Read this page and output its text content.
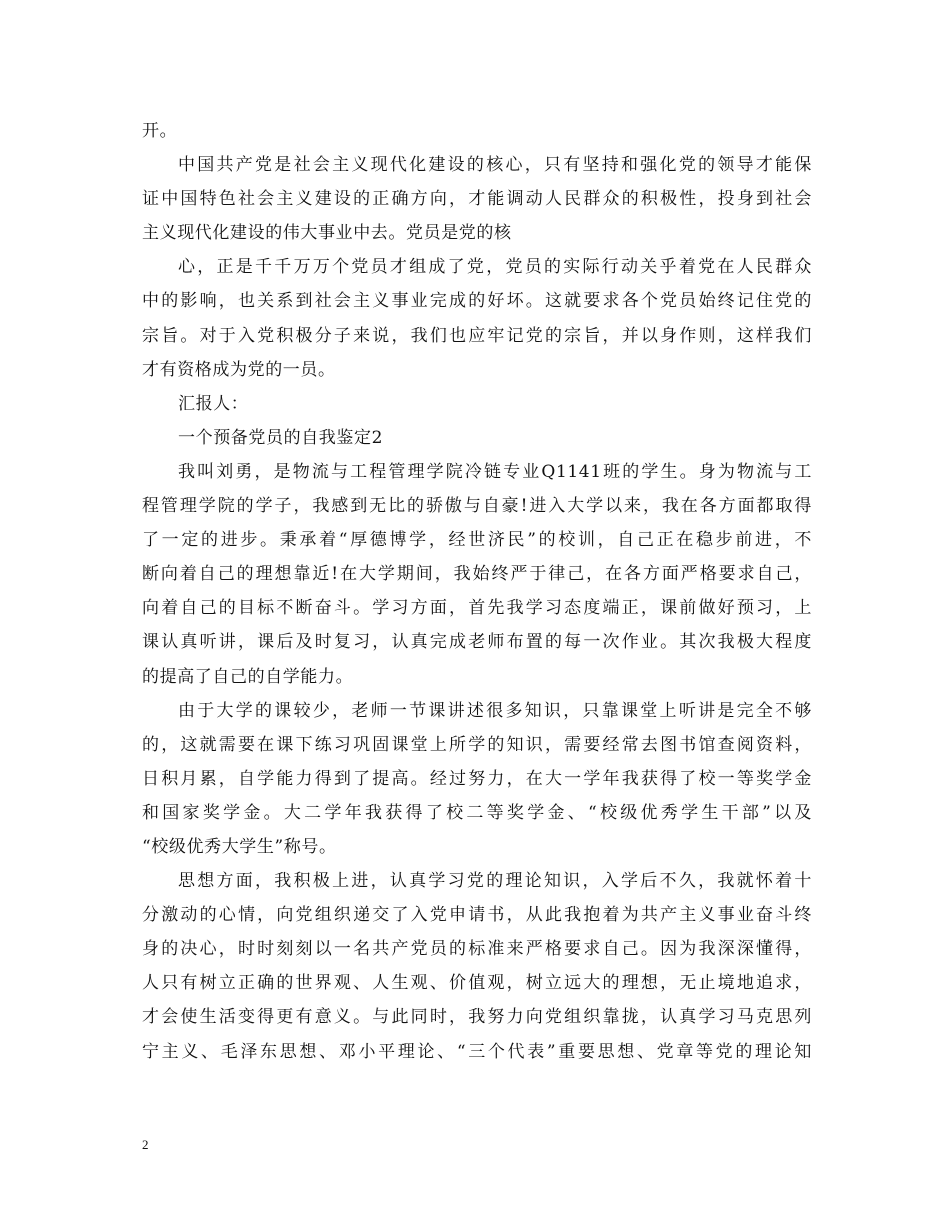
开。
中国共产党是社会主义现代化建设的核心，只有坚持和强化党的领导才能保
证中国特色社会主义建设的正确方向，才能调动人民群众的积极性，投身到社会
主义现代化建设的伟大事业中去。党员是党的核
心，正是千千万万个党员才组成了党，党员的实际行动关乎着党在人民群众
中的影响，也关系到社会主义事业完成的好坏。这就要求各个党员始终记住党的
宗旨。对于入党积极分子来说，我们也应牢记党的宗旨，并以身作则，这样我们
才有资格成为党的一员。
汇报人：
一个预备党员的自我鉴定2
我叫刘勇，是物流与工程管理学院冷链专业Q1141班的学生。身为物流与工
程管理学院的学子，我感到无比的骄傲与自豪!进入大学以来，我在各方面都取得
了一定的进步。秉承着“厚德博学，经世济民”的校训，自己正在稳步前进，不
断向着自己的理想靠近!在大学期间，我始终严于律己，在各方面严格要求自己，
向着自己的目标不断奋斗。学习方面，首先我学习态度端正，课前做好预习，上
课认真听讲，课后及时复习，认真完成老师布置的每一次作业。其次我极大程度
的提高了自己的自学能力。
由于大学的课较少，老师一节课讲述很多知识，只靠课堂上听讲是完全不够
的，这就需要在课下练习巩固课堂上所学的知识，需要经常去图书馆查阅资料，
日积月累，自学能力得到了提高。经过努力，在大一学年我获得了校一等奖学金
和国家奖学金。大二学年我获得了校二等奖学金、“校级优秀学生干部”以及
“校级优秀大学生”称号。
思想方面，我积极上进，认真学习党的理论知识，入学后不久，我就怀着十
分激动的心情，向党组织递交了入党申请书，从此我抱着为共产主义事业奋斗终
身的决心，时时刻刻以一名共产党员的标准来严格要求自己。因为我深深懂得，
人只有树立正确的世界观、人生观、价值观，树立远大的理想，无止境地追求，
才会使生活变得更有意义。与此同时，我努力向党组织靠拢，认真学习马克思列
宁主义、毛泽东思想、邓小平理论、“三个代表”重要思想、党章等党的理论知
2
